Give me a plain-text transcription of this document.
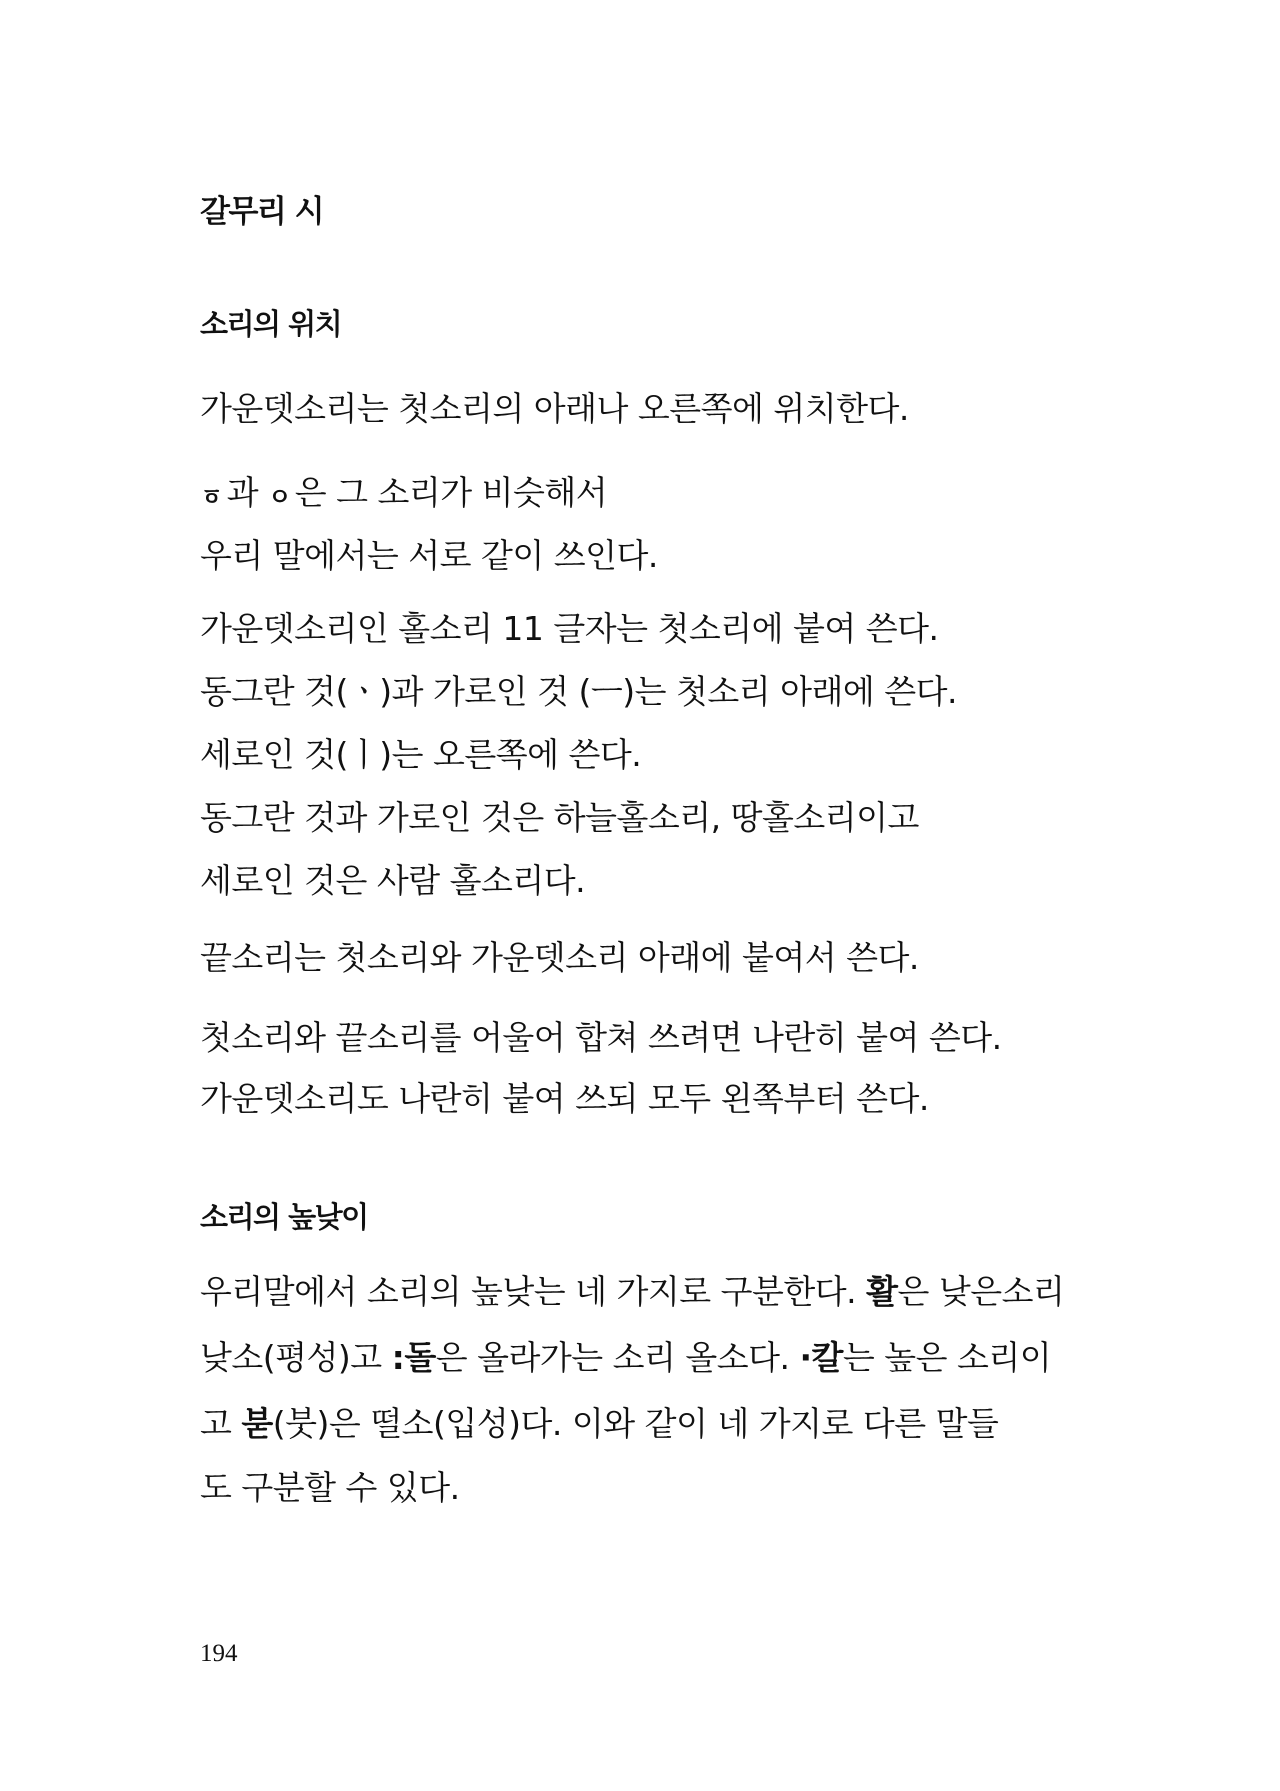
갈무리 시
소리의 위치
가운뎃소리는 첫소리의 아래나 오른쪽에 위치한다.
ㆆ 과 ㅇ 은 그 소리가 비슷해서
우리 말에서는 서로 같이 쓰인다.
가운뎃소리인 홀소리 11 글자는 첫소리에 붙여 쓴다.
동그란 것(ㆍ)과 가로인 것 (ㅡ)는 첫소리 아래에 쓴다.
세로인 것(ㅣ)는 오른쪽에 쓴다.
동그란 것과 가로인 것은 하늘홀소리, 땅홀소리이고
세로인 것은 사람 홀소리다.
끝소리는 첫소리와 가운뎃소리 아래에 붙여서 쓴다.
첫소리와 끝소리를 어울어 합쳐 쓰려면 나란히 붙여 쓴다.
가운뎃소리도 나란히 붙여 쓰되 모두 왼쪽부터 쓴다.
소리의 높낮이
우리말에서 소리의 높낮는 네 가지로 구분한다. 활은 낮은소리
낮소(평성)고 :돌은 올라가는 소리 올소다. ·칼는 높은 소리이
고 붇(붓)은 떨소(입성)다. 이와 같이 네 가지로 다른 말들
도 구분할 수 있다.
194
